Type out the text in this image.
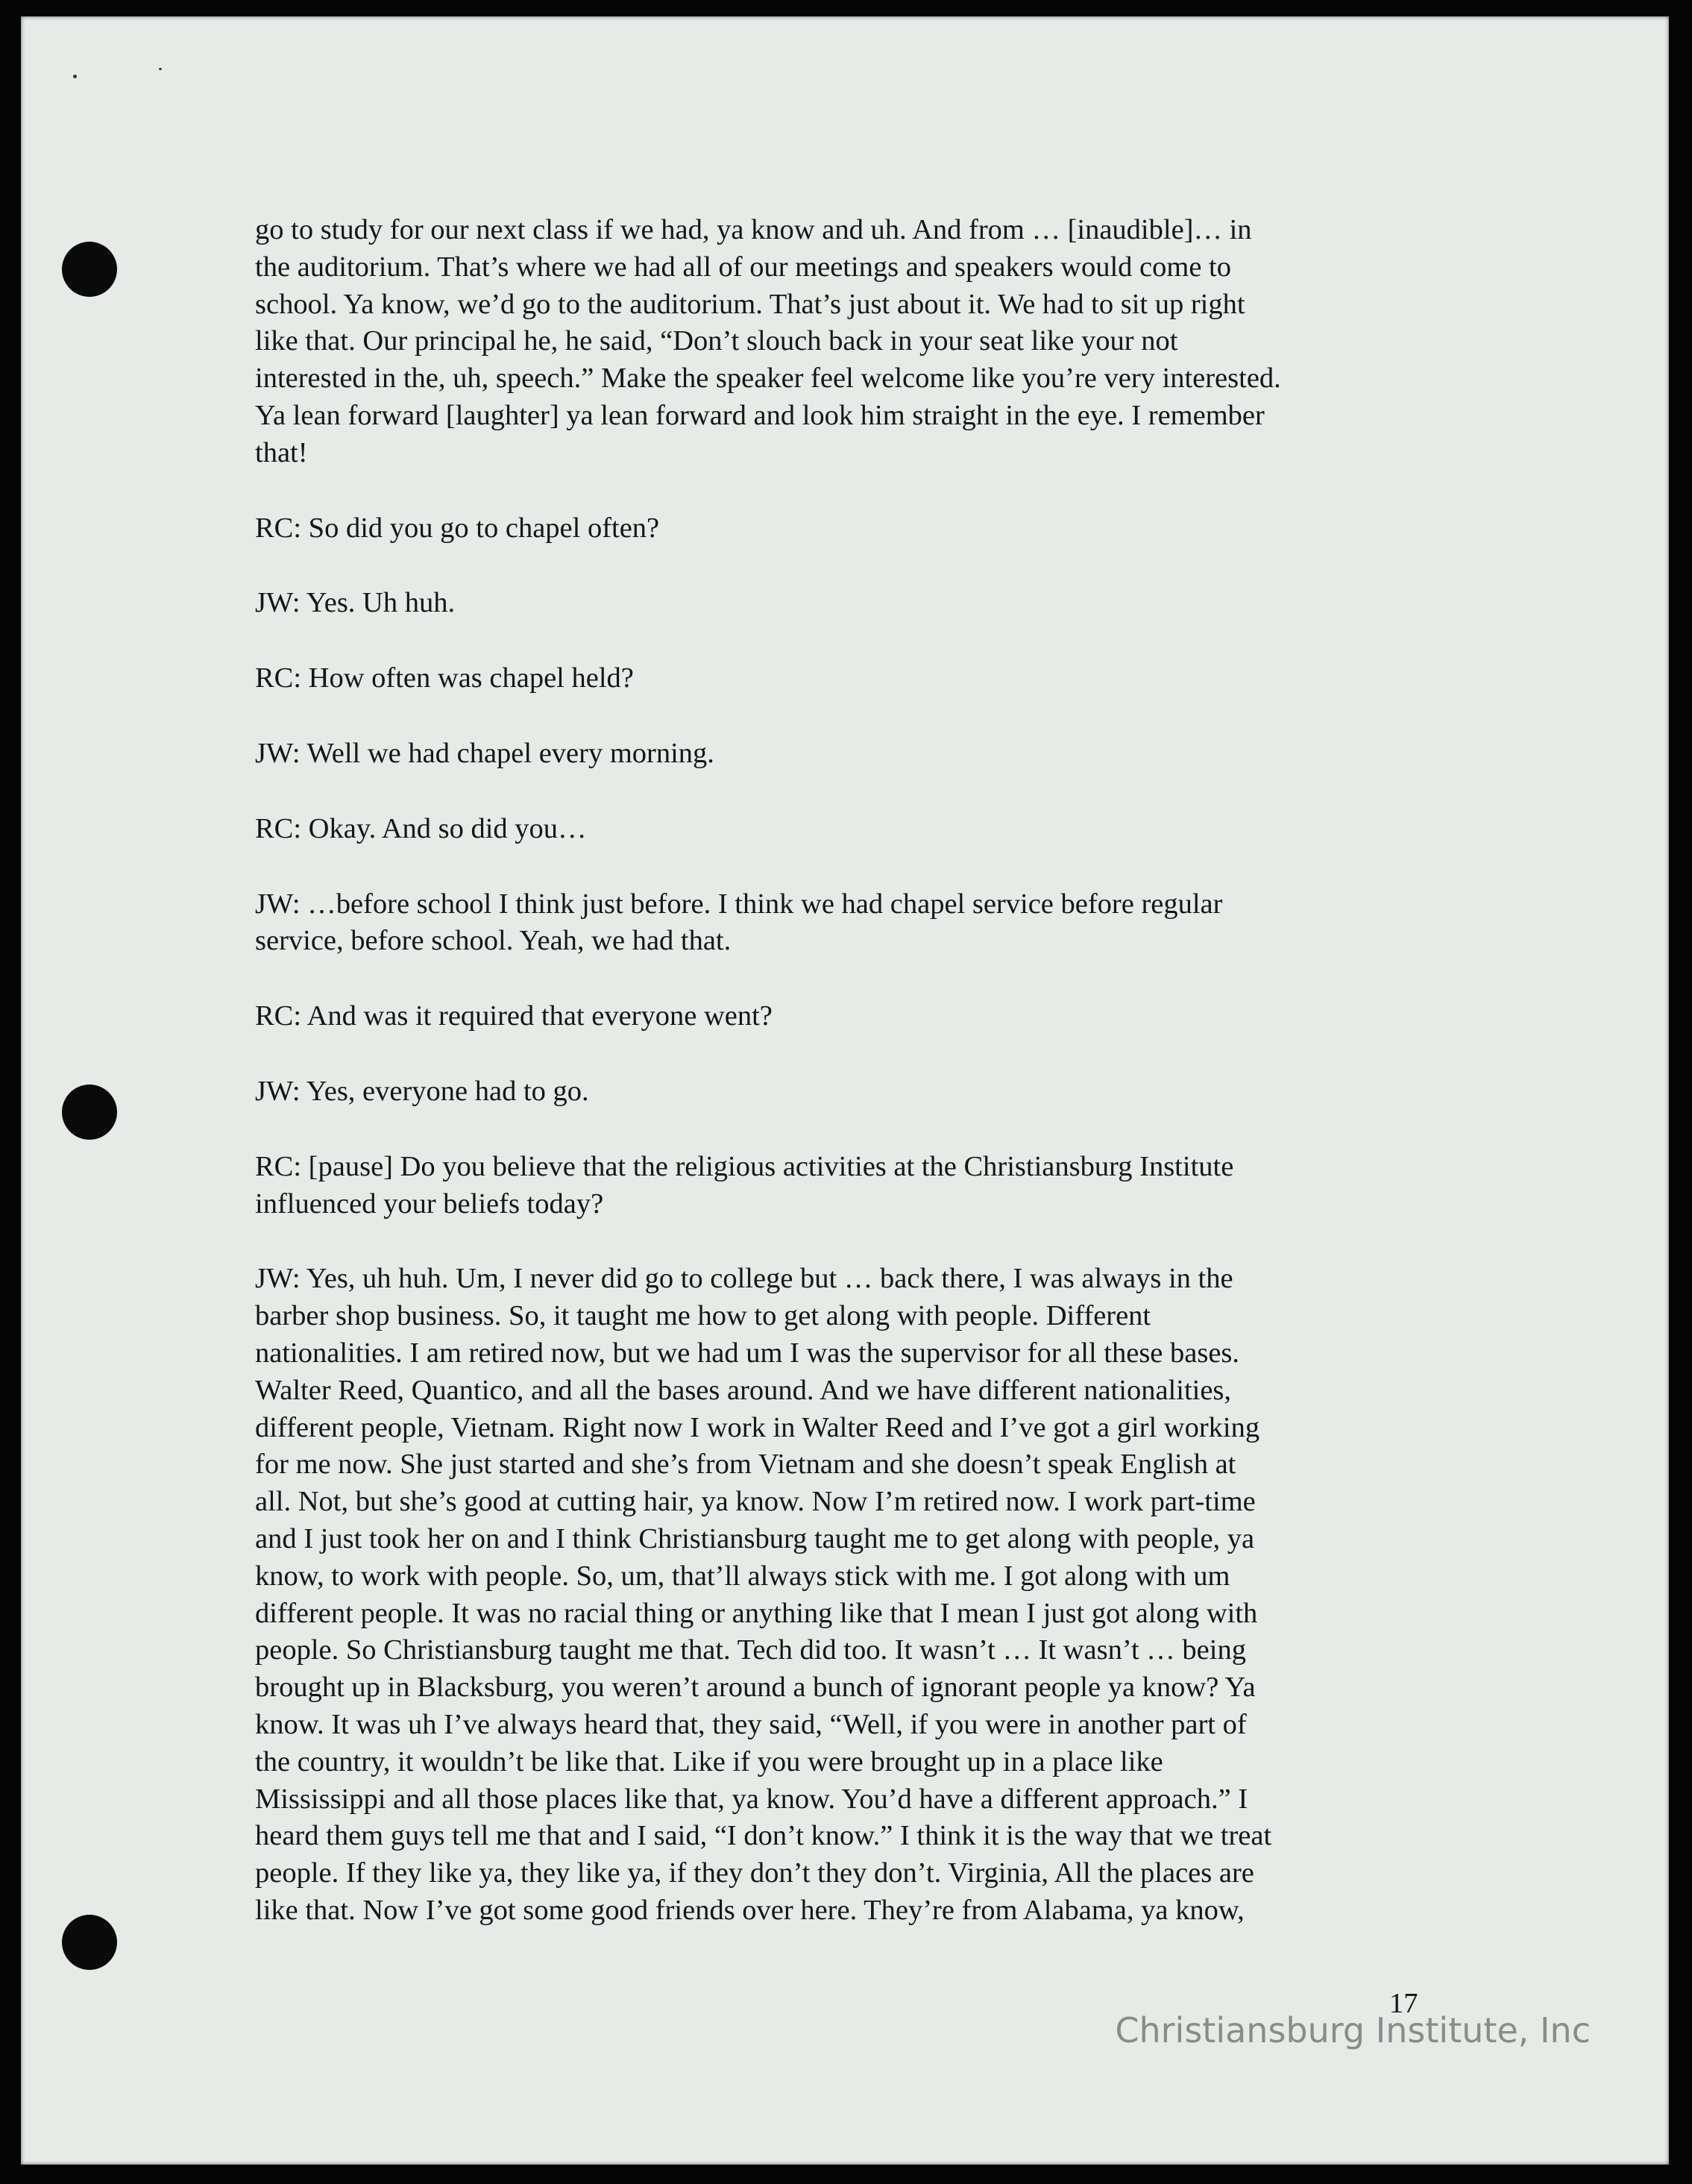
go to study for our next class if we had, ya know and uh. And from … [inaudible]… in
the auditorium. That’s where we had all of our meetings and speakers would come to
school. Ya know, we’d go to the auditorium. That’s just about it. We had to sit up right
like that. Our principal he, he said, “Don’t slouch back in your seat like your not
interested in the, uh, speech.” Make the speaker feel welcome like you’re very interested.
Ya lean forward [laughter] ya lean forward and look him straight in the eye. I remember
that!
RC: So did you go to chapel often?
JW: Yes. Uh huh.
RC: How often was chapel held?
JW: Well we had chapel every morning.
RC: Okay. And so did you…
JW: …before school I think just before. I think we had chapel service before regular
service, before school. Yeah, we had that.
RC: And was it required that everyone went?
JW: Yes, everyone had to go.
RC: [pause] Do you believe that the religious activities at the Christiansburg Institute
influenced your beliefs today?
JW: Yes, uh huh. Um, I never did go to college but … back there, I was always in the
barber shop business. So, it taught me how to get along with people. Different
nationalities. I am retired now, but we had um I was the supervisor for all these bases.
Walter Reed, Quantico, and all the bases around. And we have different nationalities,
different people, Vietnam. Right now I work in Walter Reed and I’ve got a girl working
for me now. She just started and she’s from Vietnam and she doesn’t speak English at
all. Not, but she’s good at cutting hair, ya know. Now I’m retired now. I work part-time
and I just took her on and I think Christiansburg taught me to get along with people, ya
know, to work with people. So, um, that’ll always stick with me. I got along with um
different people. It was no racial thing or anything like that I mean I just got along with
people. So Christiansburg taught me that. Tech did too. It wasn’t … It wasn’t … being
brought up in Blacksburg, you weren’t around a bunch of ignorant people ya know? Ya
know. It was uh I’ve always heard that, they said, “Well, if you were in another part of
the country, it wouldn’t be like that. Like if you were brought up in a place like
Mississippi and all those places like that, ya know. You’d have a different approach.” I
heard them guys tell me that and I said, “I don’t know.” I think it is the way that we treat
people. If they like ya, they like ya, if they don’t they don’t. Virginia, All the places are
like that. Now I’ve got some good friends over here. They’re from Alabama, ya know,
17
Christiansburg Institute, Inc
